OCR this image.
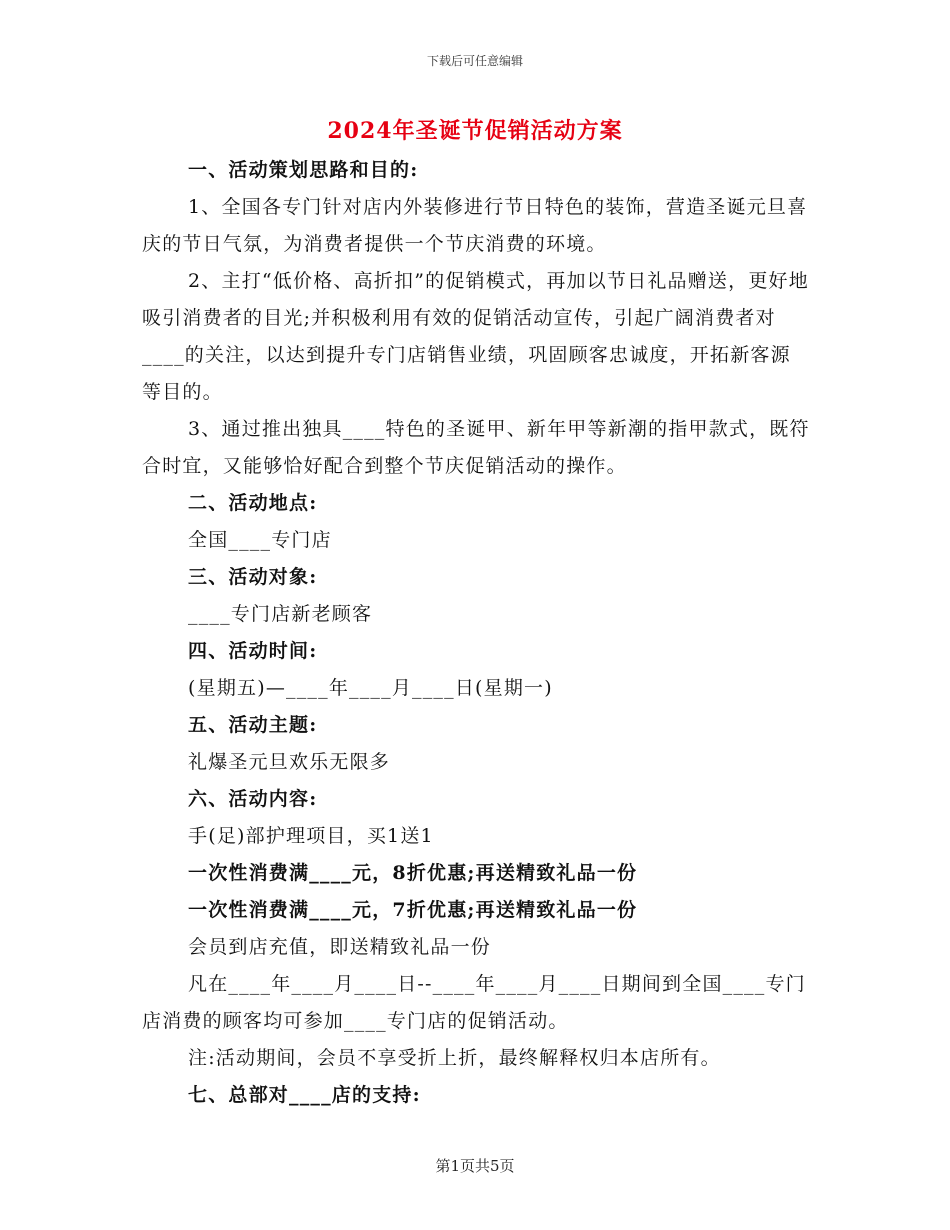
下载后可任意编辑
2024年圣诞节促销活动方案

一、活动策划思路和目的:

1、全国各专门针对店内外装修进行节日特色的装饰，营造圣诞元旦喜庆的节日气氛，为消费者提供一个节庆消费的环境。

2、主打“低价格、高折扣”的促销模式，再加以节日礼品赠送，更好地吸引消费者的目光;并积极利用有效的促销活动宣传，引起广阔消费者对____的关注，以达到提升专门店销售业绩，巩固顾客忠诚度，开拓新客源等目的。

3、通过推出独具____特色的圣诞甲、新年甲等新潮的指甲款式，既符合时宜，又能够恰好配合到整个节庆促销活动的操作。

二、活动地点:

全国____专门店

三、活动对象:

____专门店新老顾客

四、活动时间:

(星期五)—____年____月____日(星期一)

五、活动主题:

礼爆圣元旦欢乐无限多

六、活动内容:

手(足)部护理项目，买1送1

一次性消费满____元，8折优惠;再送精致礼品一份

一次性消费满____元，7折优惠;再送精致礼品一份

会员到店充值，即送精致礼品一份

凡在____年____月____日--____年____月____日期间到全国____专门店消费的顾客均可参加____专门店的促销活动。

注:活动期间，会员不享受折上折，最终解释权归本店所有。

七、总部对____店的支持:

第1页共5页
